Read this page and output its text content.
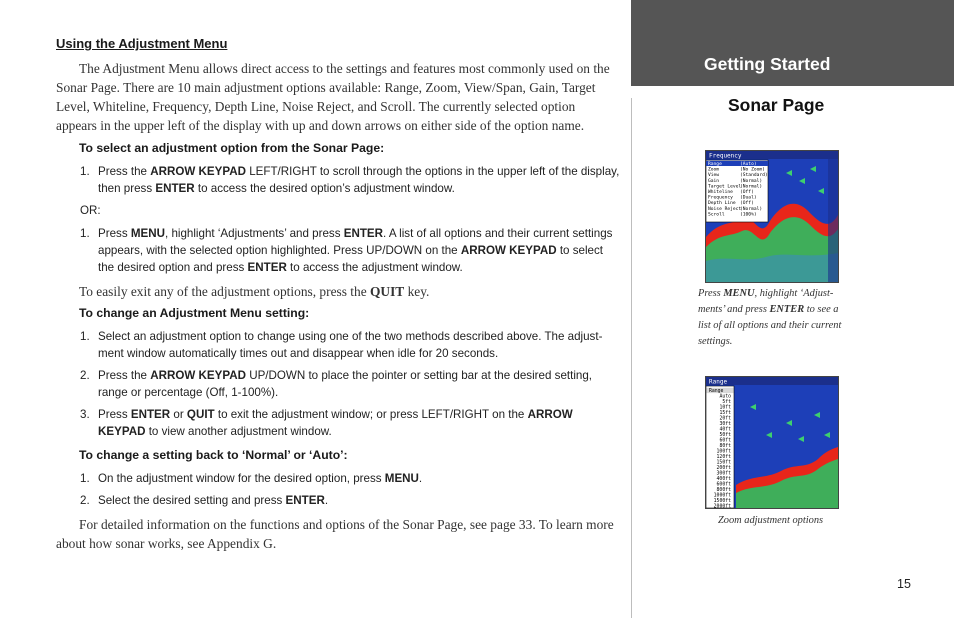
Using the Adjustment Menu
The Adjustment Menu allows direct access to the settings and features most commonly used on the Sonar Page. There are 10 main adjustment options available: Range, Zoom, View/Span, Gain, Target Level, Whiteline, Frequency, Depth Line, Noise Reject, and Scroll. The currently selected option appears in the upper left of the display with up and down arrows on either side of the option name.
To select an adjustment option from the Sonar Page:
1. Press the ARROW KEYPAD LEFT/RIGHT to scroll through the options in the upper left of the display, then press ENTER to access the desired option’s adjustment window.
OR:
1. Press MENU, highlight ‘Adjustments’ and press ENTER. A list of all options and their current settings appears, with the selected option highlighted. Press UP/DOWN on the ARROW KEYPAD to select the desired option and press ENTER to access the adjustment window.
To easily exit any of the adjustment options, press the QUIT key.
To change an Adjustment Menu setting:
1. Select an adjustment option to change using one of the two methods described above. The adjust-ment window automatically times out and disappear when idle for 20 seconds.
2. Press the ARROW KEYPAD UP/DOWN to place the pointer or setting bar at the desired setting, range or percentage (Off, 1-100%).
3. Press ENTER or QUIT to exit the adjustment window; or press LEFT/RIGHT on the ARROW KEYPAD to view another adjustment window.
To change a setting back to ‘Normal’ or ‘Auto’:
1. On the adjustment window for the desired option, press MENU.
2. Select the desired setting and press ENTER.
For detailed information on the functions and options of the Sonar Page, see page 33. To learn more about how sonar works, see Appendix G.
Getting Started
Sonar Page
Frequency
Range	(Auto)
Zoom	(No Zoom)
View	(Standard)
Gain	(Normal)
Target Level
(Normal)
Whiteline (Off)
Frequency (Dual)
Depth Line (Off)
Noise Reject
(Normal)
Scroll	(100%)
Press MENU, highlight ‘Adjust-ments’ and press ENTER to see a list of all options and their current settings.
Range
Range
Auto
5ft
10ft
15ft
20ft
30ft
40ft
50ft
60ft
80ft
100ft
120ft
150ft
200ft
300ft
400ft
600ft
800ft
1000ft
1500ft
2000ft
Zoom adjustment options
15
